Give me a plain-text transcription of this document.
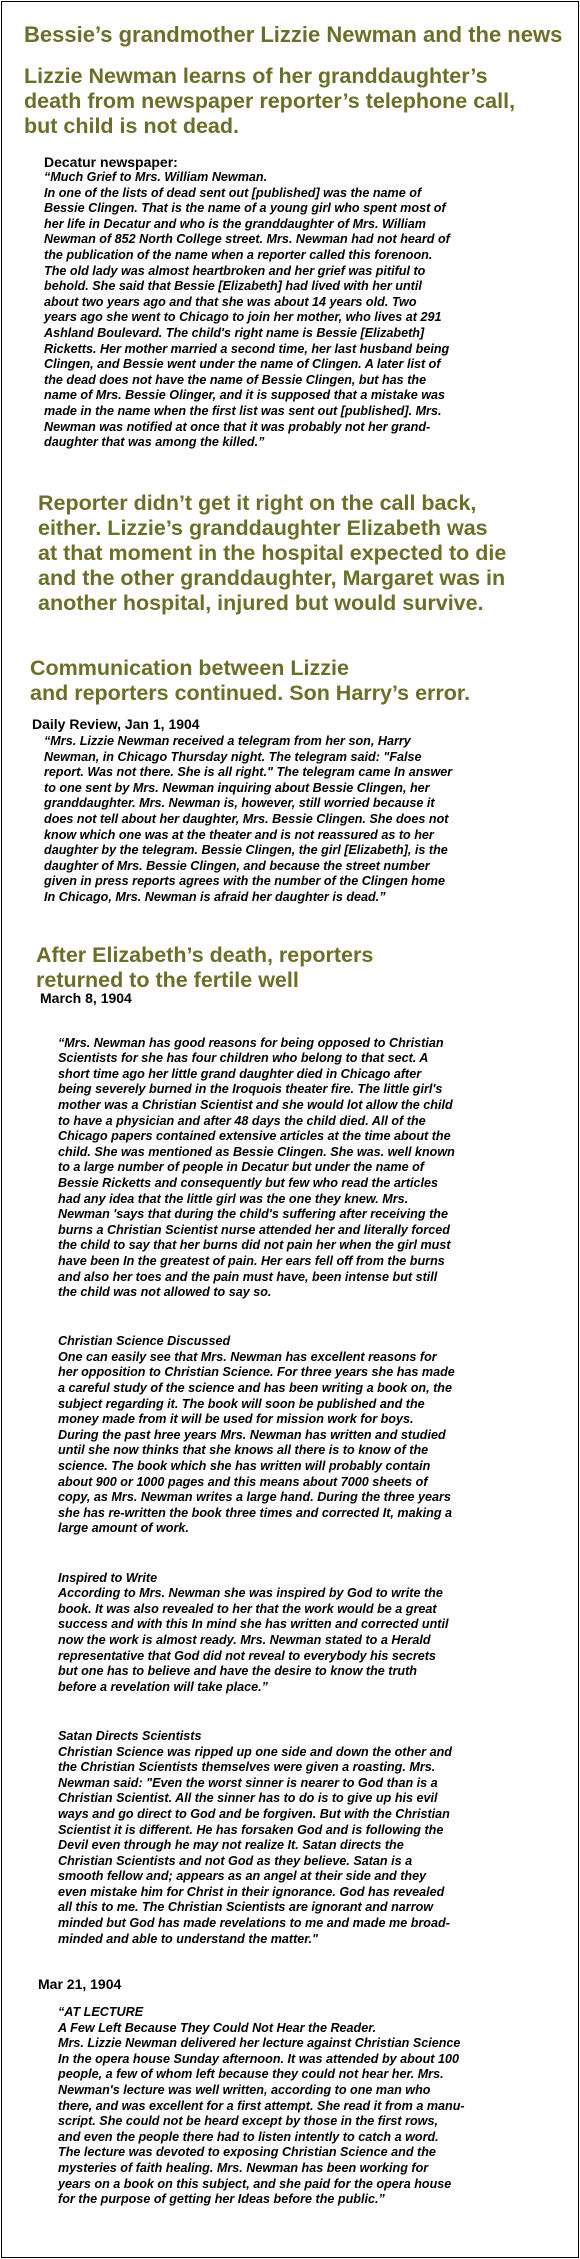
Bessie’s grandmother Lizzie Newman and the news
Lizzie Newman learns of her granddaughter’s
death from newspaper reporter’s telephone call,
but child is not dead.
Decatur newspaper:
“Much Grief to Mrs. William Newman.
In one of the lists of dead sent out [published] was the name of
Bessie Clingen. That is the name of a young girl who spent most of
her life in Decatur and who is the granddaughter of Mrs. William
Newman of 852 North College street. Mrs. Newman had not heard of
the publication of the name when a reporter called this forenoon.
The old lady was almost heartbroken and her grief was pitiful to
behold. She said that Bessie [Elizabeth] had lived with her until
about two years ago and that she was about 14 years old. Two
years ago she went to Chicago to join her mother, who lives at 291
Ashland Boulevard. The child's right name is Bessie [Elizabeth]
Ricketts. Her mother married a second time, her last husband being
Clingen, and Bessie went under the name of Clingen. A later list of
the dead does not have the name of Bessie Clingen, but has the
name of Mrs. Bessie Olinger, and it is supposed that a mistake was
made in the name when the first list was sent out [published]. Mrs.
Newman was notified at once that it was probably not her grand-
daughter that was among the killed.”
Reporter didn’t get it right on the call back,
either. Lizzie’s granddaughter Elizabeth was
at that moment in the hospital expected to die
and the other granddaughter, Margaret was in
another hospital, injured but would survive.
Communication between Lizzie
and reporters continued. Son Harry’s error.
Daily Review, Jan 1, 1904
“Mrs. Lizzie Newman received a telegram from her son, Harry
Newman, in Chicago Thursday night. The telegram said: "False
report. Was not there. She is all right." The telegram came In answer
to one sent by Mrs. Newman inquiring about Bessie Clingen, her
granddaughter. Mrs. Newman is, however, still worried because it
does not tell about her daughter, Mrs. Bessie Clingen. She does not
know which one was at the theater and is not reassured as to her
daughter by the telegram. Bessie Clingen, the girl [Elizabeth], is the
daughter of Mrs. Bessie Clingen, and because the street number
given in press reports agrees with the number of the Clingen home
In Chicago, Mrs. Newman is afraid her daughter is dead.”
After Elizabeth’s death, reporters
returned to the fertile well
March 8, 1904

“Mrs. Newman has good reasons for being opposed to Christian
Scientists for she has four children who belong to that sect. A
short time ago her little grand daughter died in Chicago after
being severely burned in the Iroquois theater fire. The little girl's
mother was a Christian Scientist and she would lot allow the child
to have a physician and after 48 days the child died. All of the
Chicago papers contained extensive articles at the time about the
child. She was mentioned as Bessie CIingen. She was. well known
to a large number of people in Decatur but under the name of
Bessie Ricketts and consequently but few who read the articles
had any idea that the little girl was the one they knew. Mrs.
Newman 'says that during the child's suffering after receiving the
burns a Christian Scientist nurse attended her and literally forced
the child to say that her burns did not pain her when the girl must
have been In the greatest of pain. Her ears fell off from the burns
and also her toes and the pain must have, been intense but still
the child was not allowed to say so.

Christian Science Discussed
One can easily see that Mrs. Newman has excellent reasons for
her opposition to Christian Science. For three years she has made
a careful study of the science and has been writing a book on, the
subject regarding it. The book will soon be published and the
money made from it will be used for mission work for boys.
During the past hree years Mrs. Newman has written and studied
until she now thinks that she knows all there is to know of the
science. The book which she has written will probably contain
about 900 or 1000 pages and this means about 7000 sheets of
copy, as Mrs. Newman writes a large hand. During the three years
she has re-written the book three times and corrected It, making a
large amount of work.

Inspired to Write
According to Mrs. Newman she was inspired by God to write the
book. It was also revealed to her that the work would be a great
success and with this In mind she has written and corrected until
now the work is almost ready. Mrs. Newman stated to a Herald
representative that God did not reveal to everybody his secrets
but one has to believe and have the desire to know the truth
before a revelation will take place.”

Satan Directs Scientists
Christian Science was ripped up one side and down the other and
the Christian Scientists themselves were given a roasting. Mrs.
Newman said: "Even the worst sinner is nearer to God than is a
Christian Scientist. All the sinner has to do is to give up his evil
ways and go direct to God and be forgiven. But with the Christian
Scientist it is different. He has forsaken God and is following the
Devil even through he may not realize It. Satan directs the
Christian Scientists and not God as they believe. Satan is a
smooth fellow and; appears as an angel at their side and they
even mistake him for Christ in their ignorance. God has revealed
all this to me. The Christian Scientists are ignorant and narrow
minded but God has made revelations to me and made me broad-
minded and able to understand the matter."

Mar 21, 1904
“AT LECTURE
A Few Left Because They Could Not Hear the Reader.
Mrs. Lizzie Newman delivered her lecture against Christian Science
In the opera house Sunday afternoon. It was attended by about 100
people, a few of whom left because they could not hear her. Mrs.
Newman's lecture was well written, according to one man who
there, and was excellent for a first attempt. She read it from a manu-
script. She could not be heard except by those in the first rows,
and even the people there had to listen intently to catch a word.
The lecture was devoted to exposing Christian Science and the
mysteries of faith healing. Mrs. Newman has been working for
years on a book on this subject, and she paid for the opera house
for the purpose of getting her Ideas before the public.”
